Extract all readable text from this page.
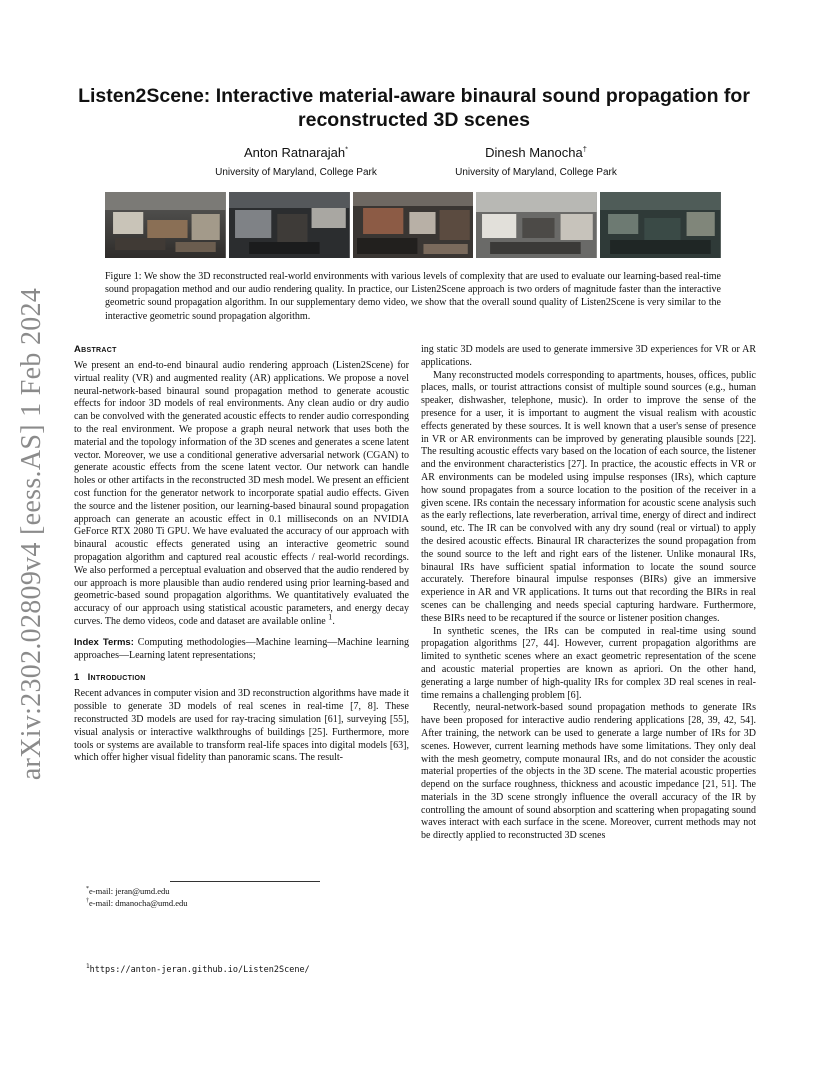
arXiv:2302.02809v4 [eess.AS] 1 Feb 2024
Listen2Scene: Interactive material-aware binaural sound propagation for reconstructed 3D scenes
Anton Ratnarajah*
University of Maryland, College Park
Dinesh Manocha†
University of Maryland, College Park

Figure 1: We show the 3D reconstructed real-world environments with various levels of complexity that are used to evaluate our learning-based real-time sound propagation method and our audio rendering quality. In practice, our Listen2Scene approach is two orders of magnitude faster than the interactive geometric sound propagation algorithm. In our supplementary demo video, we show that the overall sound quality of Listen2Scene is very similar to the interactive geometric sound propagation algorithm.

Abstract

We present an end-to-end binaural audio rendering approach (Listen2Scene) for virtual reality (VR) and augmented reality (AR) applications. We propose a novel neural-network-based binaural sound propagation method to generate acoustic effects for indoor 3D models of real environments. Any clean audio or dry audio can be convolved with the generated acoustic effects to render audio corresponding to the real environment. We propose a graph neural network that uses both the material and the topology information of the 3D scenes and generates a scene latent vector. Moreover, we use a conditional generative adversarial network (CGAN) to generate acoustic effects from the scene latent vector. Our network can handle holes or other artifacts in the reconstructed 3D mesh model. We present an efficient cost function for the generator network to incorporate spatial audio effects. Given the source and the listener position, our learning-based binaural sound propagation approach can generate an acoustic effect in 0.1 milliseconds on an NVIDIA GeForce RTX 2080 Ti GPU. We have evaluated the accuracy of our approach with binaural acoustic effects generated using an interactive geometric sound propagation algorithm and captured real acoustic effects / real-world recordings. We also performed a perceptual evaluation and observed that the audio rendered by our approach is more plausible than audio rendered using prior learning-based and geometric-based sound propagation algorithms. We quantitatively evaluated the accuracy of our approach using statistical acoustic parameters, and energy decay curves. The demo videos, code and dataset are available online $^1$.

Index Terms: Computing methodologies—Machine learning—Machine learning approaches—Learning latent representations;

1 Introduction

Recent advances in computer vision and 3D reconstruction algorithms have made it possible to generate 3D models of real scenes in real-time [7, 8]. These reconstructed 3D models are used for ray-tracing simulation [61], surveying [55], visual analysis or interactive walkthroughs of buildings [25]. Furthermore, more tools or systems are available to transform real-life spaces into digital models [63], which offer higher visual fidelity than panoramic scans. The result-

ing static 3D models are used to generate immersive 3D experiences for VR or AR applications.

Many reconstructed models corresponding to apartments, houses, offices, public places, malls, or tourist attractions consist of multiple sound sources (e.g., human speaker, dishwasher, telephone, music). In order to improve the sense of the presence for a user, it is important to augment the visual realism with acoustic effects generated by these sources. It is well known that a user's sense of presence in VR or AR environments can be improved by generating plausible sounds [22]. The resulting acoustic effects vary based on the location of each source, the listener and the environment characteristics [27]. In practice, the acoustic effects in VR or AR environments can be modeled using impulse responses (IRs), which capture how sound propagates from a source location to the position of the receiver in a given scene. IRs contain the necessary information for acoustic scene analysis such as the early reflections, late reverberation, arrival time, energy of direct and indirect sound, etc. The IR can be convolved with any dry sound (real or virtual) to apply the desired acoustic effects. Binaural IR characterizes the sound propagation from the sound source to the left and right ears of the listener. Unlike monaural IRs, binaural IRs have sufficient spatial information to locate the sound source accurately. Therefore binaural impulse responses (BIRs) give an immersive experience in AR and VR applications. It turns out that recording the BIRs in real scenes can be challenging and needs special capturing hardware. Furthermore, these BIRs need to be recaptured if the source or listener position changes.

In synthetic scenes, the IRs can be computed in real-time using sound propagation algorithms [27, 44]. However, current propagation algorithms are limited to synthetic scenes where an exact geometric representation of the scene and acoustic material properties are known as apriori. On the other hand, generating a large number of high-quality IRs for complex 3D real scenes in real-time remains a challenging problem [6].

Recently, neural-network-based sound propagation methods to generate IRs have been proposed for interactive audio rendering applications [28, 39, 42, 54]. After training, the network can be used to generate a large number of IRs for 3D scenes. However, current learning methods have some limitations. They only deal with the mesh geometry, compute monaural IRs, and do not consider the acoustic material properties of the objects in the 3D scene. The material acoustic properties depend on the surface roughness, thickness and acoustic impedance [21, 51]. The materials in the 3D scene strongly influence the overall accuracy of the IR by controlling the amount of sound absorption and scattering when propagating sound waves interact with each surface in the scene. Moreover, current methods may not be directly applied to reconstructed 3D scenes

*e-mail: jeran@umd.edu
†e-mail: dmanocha@umd.edu
$^1$https://anton-jeran.github.io/Listen2Scene/
